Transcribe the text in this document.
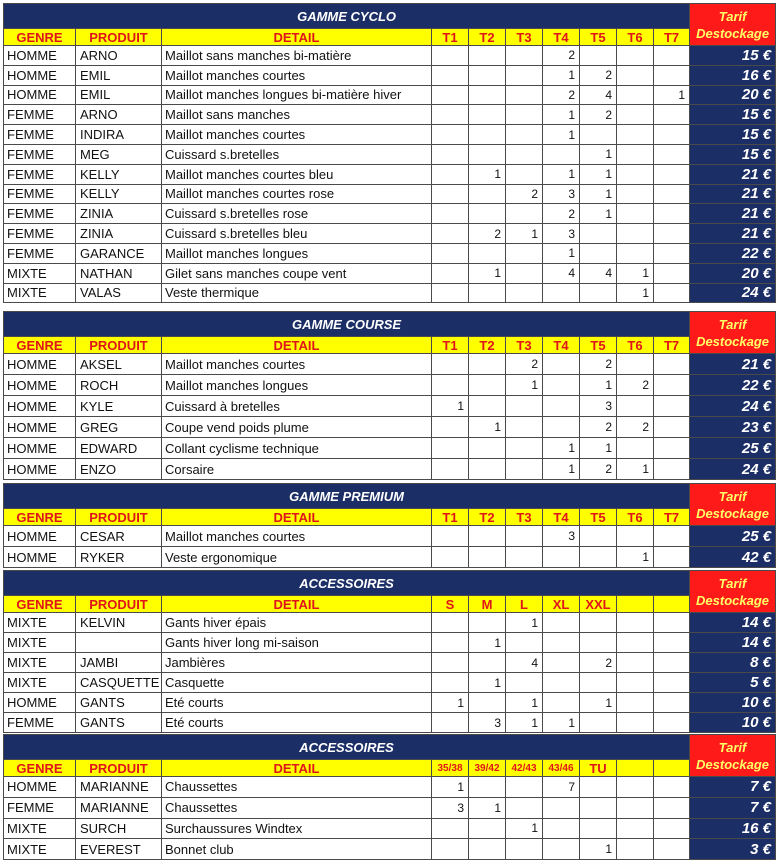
GAMME CYCLO										Tarif Destockage
GENRE	PRODUIT	DETAIL	T1	T2	T3	T4	T5	T6	T7	
HOMME	ARNO	Maillot sans manches bi-matière				2				15 €
HOMME	EMIL	Maillot manches courtes				1	2			16 €
HOMME	EMIL	Maillot manches longues bi-matière hiver				2	4		1	20 €
FEMME	ARNO	Maillot sans manches				1	2			15 €
FEMME	INDIRA	Maillot manches courtes				1				15 €
FEMME	MEG	Cuissard s.bretelles					1			15 €
FEMME	KELLY	Maillot manches courtes bleu		1		1	1			21 €
FEMME	KELLY	Maillot manches courtes rose			2	3	1			21 €
FEMME	ZINIA	Cuissard s.bretelles rose				2	1			21 €
FEMME	ZINIA	Cuissard s.bretelles bleu		2	1	3				21 €
FEMME	GARANCE	Maillot manches longues				1				22 €
MIXTE	NATHAN	Gilet sans manches coupe vent		1		4	4	1		20 €
MIXTE	VALAS	Veste thermique						1		24 €
GAMME COURSE										Tarif Destockage
GENRE	PRODUIT	DETAIL	T1	T2	T3	T4	T5	T6	T7	
HOMME	AKSEL	Maillot manches courtes			2		2			21 €
HOMME	ROCH	Maillot manches longues			1		1	2		22 €
HOMME	KYLE	Cuissard à bretelles	1				3			24 €
HOMME	GREG	Coupe vend poids plume		1			2	2		23 €
HOMME	EDWARD	Collant cyclisme technique				1	1			25 €
HOMME	ENZO	Corsaire				1	2	1		24 €
GAMME PREMIUM										Tarif Destockage
GENRE	PRODUIT	DETAIL	T1	T2	T3	T4	T5	T6	T7	
HOMME	CESAR	Maillot manches courtes				3				25 €
HOMME	RYKER	Veste ergonomique						1		42 €
ACCESSOIRES										Tarif Destockage
GENRE	PRODUIT	DETAIL	S	M	L	XL	XXL			
MIXTE	KELVIN	Gants hiver épais			1					14 €
MIXTE		Gants hiver long mi-saison		1						14 €
MIXTE	JAMBI	Jambières			4		2			8 €
MIXTE	CASQUETTE	Casquette		1						5 €
HOMME	GANTS	Eté courts	1		1		1			10 €
FEMME	GANTS	Eté courts		3	1	1				10 €
ACCESSOIRES										Tarif Destockage
GENRE	PRODUIT	DETAIL	35/38	39/42	42/43	43/46	TU			
HOMME	MARIANNE	Chaussettes	1			7				7 €
FEMME	MARIANNE	Chaussettes	3	1						7 €
MIXTE	SURCH	Surchaussures Windtex			1					16 €
MIXTE	EVEREST	Bonnet club					1			3 €
